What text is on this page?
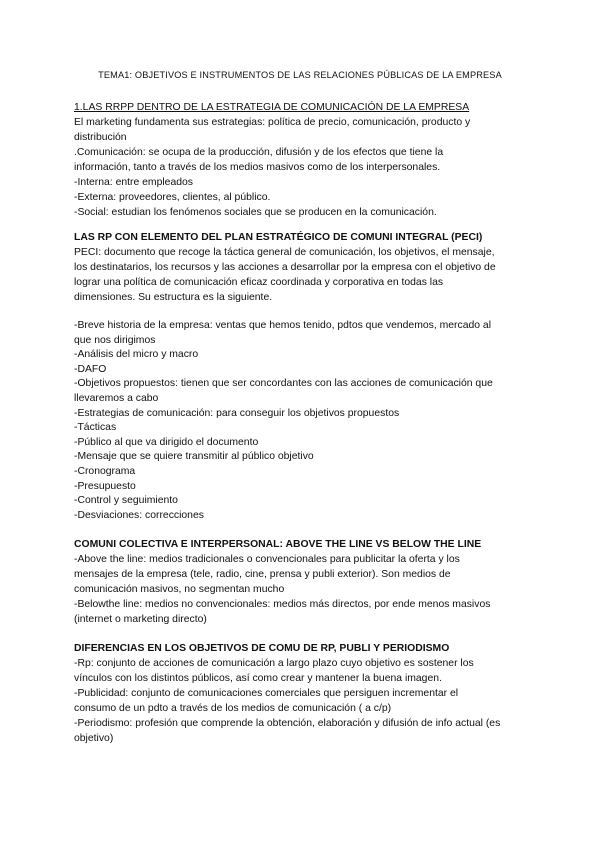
TEMA1: OBJETIVOS E INSTRUMENTOS DE LAS RELACIONES PÚBLICAS DE LA EMPRESA
1.LAS RRPP DENTRO DE LA ESTRATEGIA DE COMUNICACIÓN DE LA EMPRESA
El marketing fundamenta sus estrategias: política de precio, comunicación, producto y
distribución
.Comunicación: se ocupa de la producción, difusión y de los efectos que tiene la
información, tanto a través de los medios masivos como de los interpersonales.
-Interna: entre empleados
-Externa: proveedores, clientes, al público.
-Social: estudian los fenómenos sociales que se producen en la comunicación.
LAS RP CON ELEMENTO DEL PLAN ESTRATÉGICO DE COMUNI INTEGRAL (PECI)
PECI: documento que recoge la táctica general de comunicación, los objetivos, el mensaje,
los destinatarios, los recursos y las acciones a desarrollar por la empresa con el objetivo de
lograr una política de comunicación eficaz coordinada y corporativa en todas las
dimensiones. Su estructura es la siguiente.
-Breve historia de la empresa: ventas que hemos tenido, pdtos que vendemos, mercado al
que nos dirigimos
-Análisis del micro y macro
-DAFO
-Objetivos propuestos: tienen que ser concordantes con las acciones de comunicación que
llevaremos a cabo
-Estrategias de comunicación: para conseguir los objetivos propuestos
-Tácticas
-Público al que va dirigido el documento
-Mensaje que se quiere transmitir al público objetivo
-Cronograma
-Presupuesto
-Control y seguimiento
-Desviaciones: correcciones
COMUNI COLECTIVA E INTERPERSONAL: ABOVE THE LINE VS BELOW THE LINE
-Above the line: medios tradicionales o convencionales para publicitar la oferta y los
mensajes de la empresa (tele, radio, cine, prensa y publi exterior). Son medios de
comunicación masivos, no segmentan mucho
-Belowthe line: medios no convencionales: medios más directos, por ende menos masivos
(internet o marketing directo)
DIFERENCIAS EN LOS OBJETIVOS DE COMU DE RP, PUBLI Y PERIODISMO
-Rp: conjunto de acciones de comunicación a largo plazo cuyo objetivo es sostener los
vínculos con los distintos públicos, así como crear y mantener la buena imagen.
-Publicidad: conjunto de comunicaciones comerciales que persiguen incrementar el
consumo de un pdto a través de los medios de comunicación ( a c/p)
-Periodismo: profesión que comprende la obtención, elaboración y difusión de info actual (es
objetivo)
